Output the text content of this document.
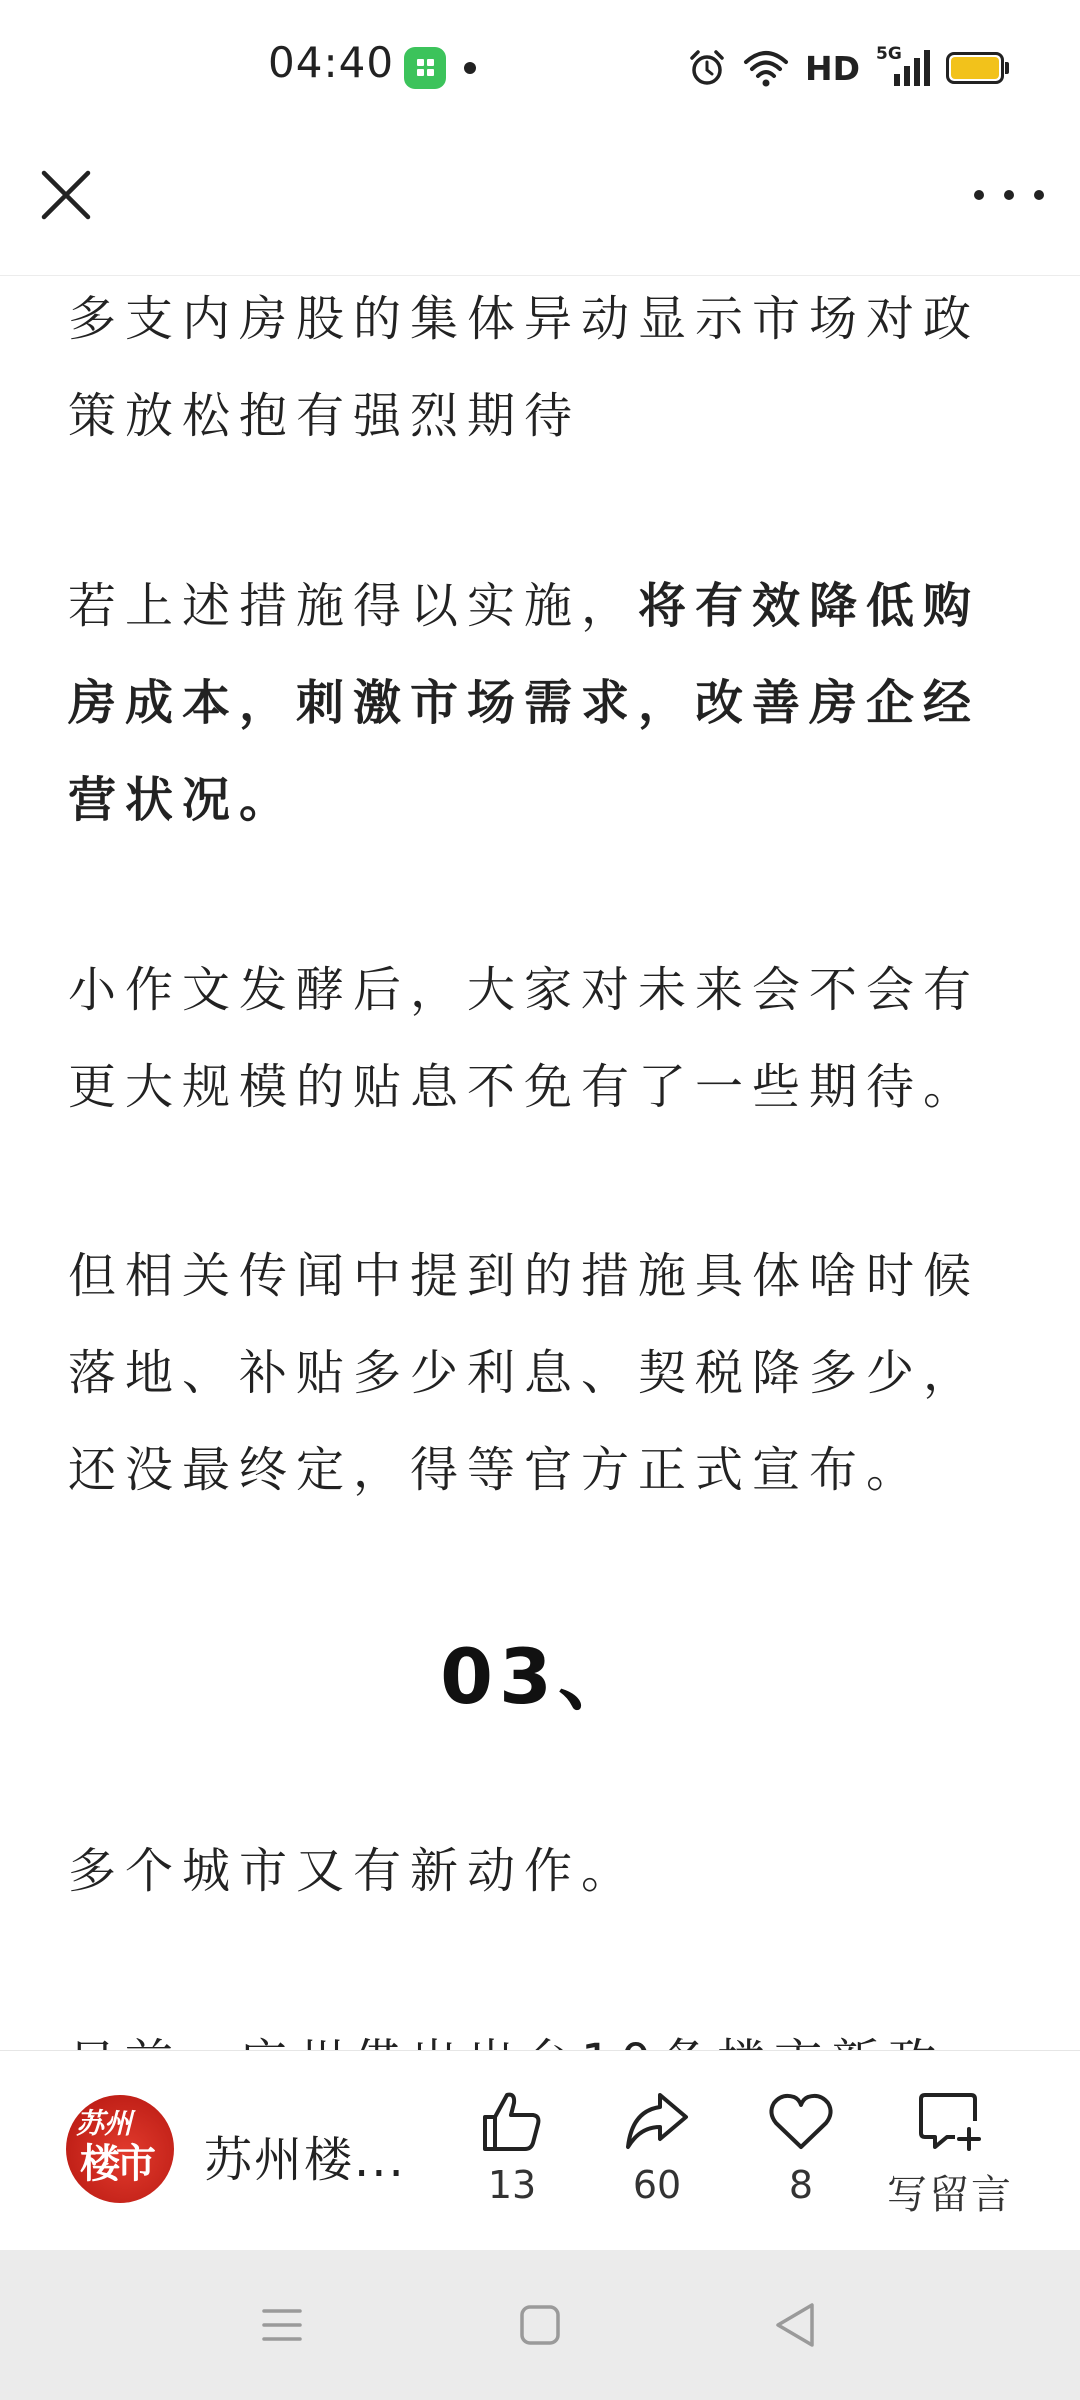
04:40	HD 5G

多支内房股的集体异动显示市场对政策放松抱有强烈期待

若上述措施得以实施，将有效降低购房成本，刺激市场需求，改善房企经营状况。

小作文发酵后，大家对未来会不会有更大规模的贴息不免有了一些期待。

但相关传闻中提到的措施具体啥时候落地、补贴多少利息、契税降多少，还没最终定，得等官方正式宣布。

03、

多个城市又有新动作。

苏州
楼市 苏州楼...	13	60	8	写留言
